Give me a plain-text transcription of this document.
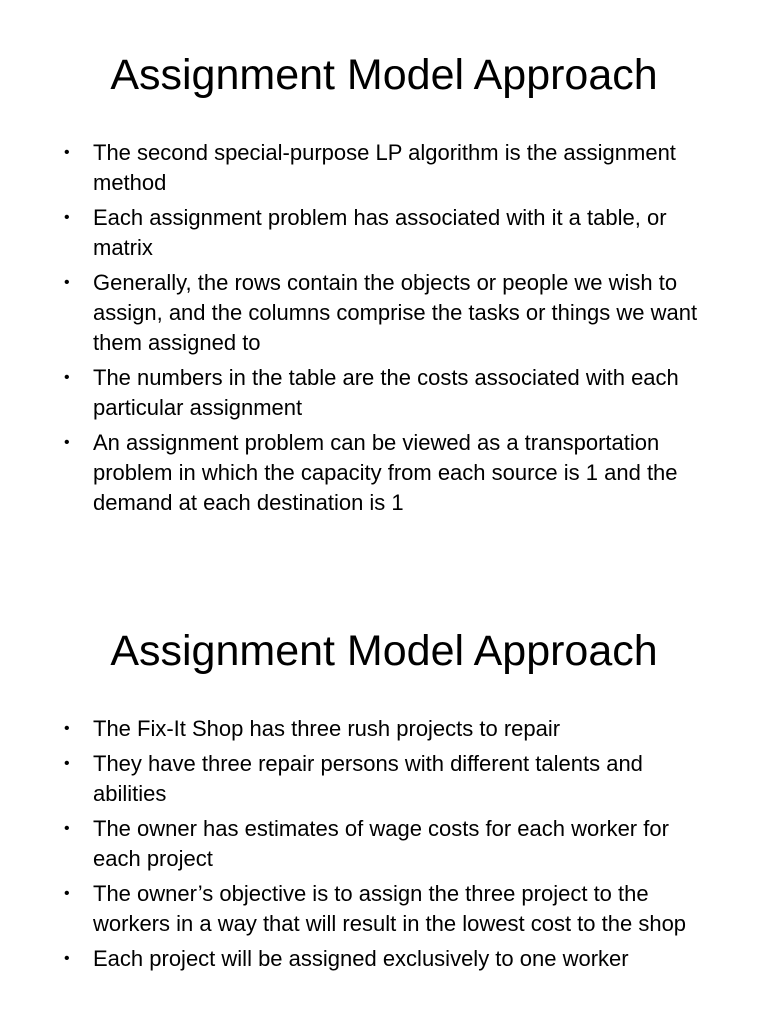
Assignment Model Approach
• The second special-purpose LP algorithm is the assignment method
• Each assignment problem has associated with it a table, or matrix
• Generally, the rows contain the objects or people we wish to assign, and the columns comprise the tasks or things we want them assigned to
• The numbers in the table are the costs associated with each particular assignment
• An assignment problem can be viewed as a transportation problem in which the capacity from each source is 1 and the demand at each destination is 1
Assignment Model Approach
• The Fix-It Shop has three rush projects to repair
• They have three repair persons with different talents and abilities
• The owner has estimates of wage costs for each worker for each project
• The owner’s objective is to assign the three project to the workers in a way that will result in the lowest cost to the shop
• Each project will be assigned exclusively to one worker
